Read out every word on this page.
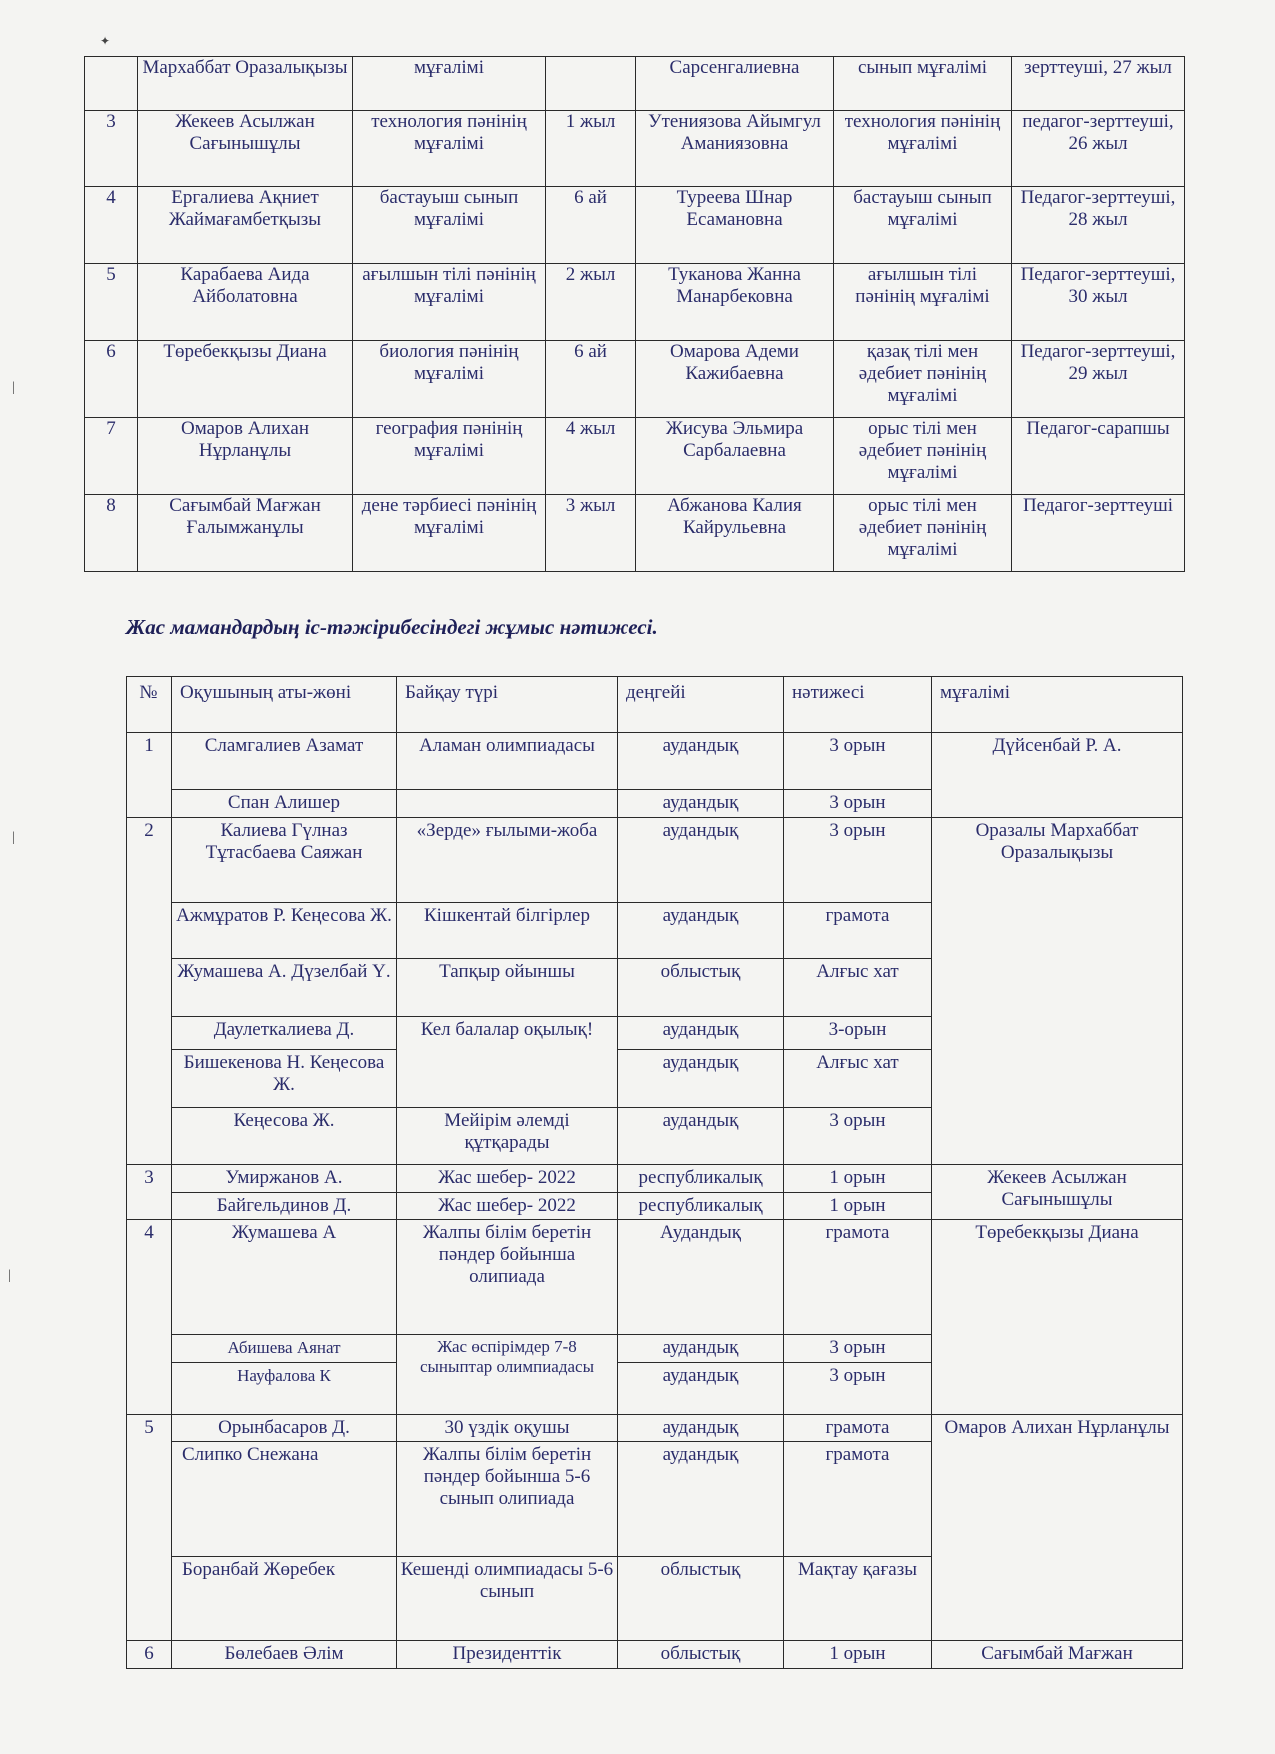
	Мархаббат Оразалықызы	мұғалімі		Сарсенгалиевна	сынып мұғалімі	зерттеуші, 27 жыл
3	Жекеев Асылжан Сағынышұлы	технология пәнінің мұғалімі	1 жыл	Утениязова Айымгул Аманиязовна	технология пәнінің мұғалімі	педагог-зерттеуші, 26 жыл
4	Ергалиева Ақниет Жаймағамбетқызы	бастауыш сынып мұғалімі	6 ай	Туреева Шнар Есамановна	бастауыш сынып мұғалімі	Педагог-зерттеуші, 28 жыл
5	Карабаева Аида Айболатовна	ағылшын тілі пәнінің мұғалімі	2 жыл	Туканова Жанна Манарбековна	ағылшын тілі пәнінің мұғалімі	Педагог-зерттеуші, 30 жыл
6	Төребекқызы Диана	биология пәнінің мұғалімі	6 ай	Омарова Адеми Кажибаевна	қазақ тілі мен әдебиет пәнінің мұғалімі	Педагог-зерттеуші, 29 жыл
7	Омаров Алихан Нұрланұлы	география пәнінің мұғалімі	4 жыл	Жисува Эльмира Сарбалаевна	орыс тілі мен әдебиет пәнінің мұғалімі	Педагог-сарапшы
8	Сағымбай Мағжан Ғалымжанұлы	дене тәрбиесі пәнінің мұғалімі	3 жыл	Абжанова Калия Кайрульевна	орыс тілі мен әдебиет пәнінің мұғалімі	Педагог-зерттеуші
Жас мамандардың іс-тәжірибесіндегі жұмыс нәтижесі.
№	Оқушының аты-жөні	Байқау түрі	деңгейі	нәтижесі	мұғалімі
1	Сламгалиев Азамат	Аламан олимпиадасы	аудандық	3 орын	Дүйсенбай Р. А.
	Спан Алишер		аудандық	3 орын	
2	Калиева Гүлназ Тұтасбаева Саяжан	«Зерде» ғылыми-жоба	аудандық	3 орын	Оразалы Мархаббат Оразалықызы
	Ажмұратов Р. Кеңесова Ж.	Кішкентай білгірлер	аудандық	грамота	
	Жумашева А. Дүзелбай Ү.	Тапқыр ойыншы	облыстық	Алғыс хат	
	Даулеткалиева Д.	Кел балалар оқылық!	аудандық	3-орын	
	Бишекенова Н. Кеңесова Ж.		аудандық	Алғыс хат	
	Кеңесова Ж.	Мейірім әлемді құтқарады	аудандық	3 орын	
3	Умиржанов А.	Жас шебер- 2022	республикалық	1 орын	Жекеев Асылжан Сағынышұлы
	Байгельдинов Д.	Жас шебер- 2022	республикалық	1 орын	
4	Жумашева А	Жалпы білім беретін пәндер бойынша олипиада	Аудандық	грамота	Төребекқызы Диана
	Абишева Аянат	Жас өспірімдер 7-8 сыныптар олимпиадасы	аудандық	3 орын	
	Науфалова К		аудандық	3 орын	
5	Орынбасаров Д.	30 үздік оқушы	аудандық	грамота	Омаров Алихан Нұрланұлы
	Слипко Снежана	Жалпы білім беретін пәндер бойынша 5-6 сынып олипиада	аудандық	грамота	
	Боранбай Жөребек	Кешенді олимпиадасы 5-6 сынып	облыстық	Мақтау қағазы	
6	Бөлебаев Әлім	Президенттік	облыстық	1 орын	Сағымбай Мағжан
✦
|
|
|
